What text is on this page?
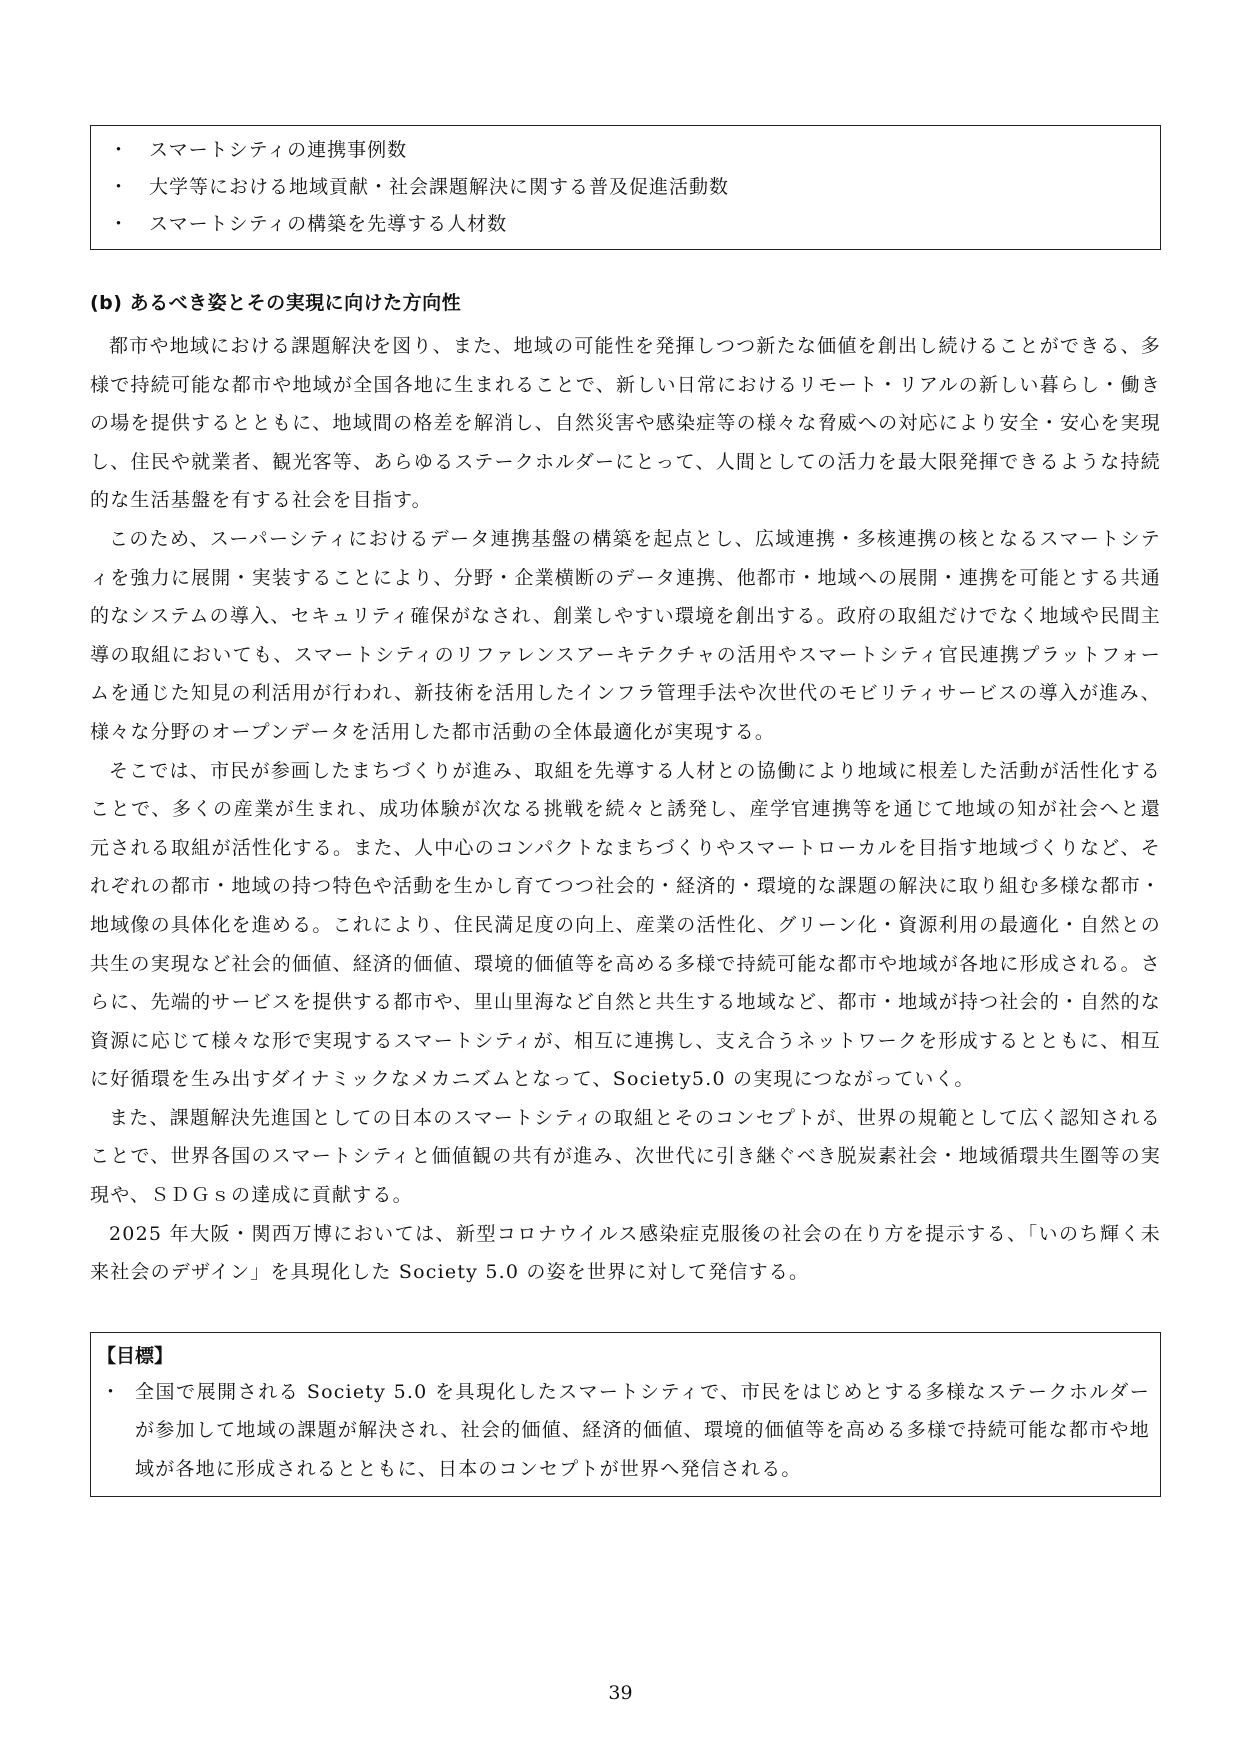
・	スマートシティの連携事例数
・	大学等における地域貢献・社会課題解決に関する普及促進活動数
・	スマートシティの構築を先導する人材数
(b) あるべき姿とその実現に向けた方向性

都市や地域における課題解決を図り、また、地域の可能性を発揮しつつ新たな価値を創出し続けることができる、多様で持続可能な都市や地域が全国各地に生まれることで、新しい日常におけるリモート・リアルの新しい暮らし・働きの場を提供するとともに、地域間の格差を解消し、自然災害や感染症等の様々な脅威への対応により安全・安心を実現し、住民や就業者、観光客等、あらゆるステークホルダーにとって、人間としての活力を最大限発揮できるような持続的な生活基盤を有する社会を目指す。

このため、スーパーシティにおけるデータ連携基盤の構築を起点とし、広域連携・多核連携の核となるスマートシティを強力に展開・実装することにより、分野・企業横断のデータ連携、他都市・地域への展開・連携を可能とする共通的なシステムの導入、セキュリティ確保がなされ、創業しやすい環境を創出する。政府の取組だけでなく地域や民間主導の取組においても、スマートシティのリファレンスアーキテクチャの活用やスマートシティ官民連携プラットフォームを通じた知見の利活用が行われ、新技術を活用したインフラ管理手法や次世代のモビリティサービスの導入が進み、様々な分野のオープンデータを活用した都市活動の全体最適化が実現する。

そこでは、市民が参画したまちづくりが進み、取組を先導する人材との協働により地域に根差した活動が活性化することで、多くの産業が生まれ、成功体験が次なる挑戦を続々と誘発し、産学官連携等を通じて地域の知が社会へと還元される取組が活性化する。また、人中心のコンパクトなまちづくりやスマートローカルを目指す地域づくりなど、それぞれの都市・地域の持つ特色や活動を生かし育てつつ社会的・経済的・環境的な課題の解決に取り組む多様な都市・地域像の具体化を進める。これにより、住民満足度の向上、産業の活性化、グリーン化・資源利用の最適化・自然との共生の実現など社会的価値、経済的価値、環境的価値等を高める多様で持続可能な都市や地域が各地に形成される。さらに、先端的サービスを提供する都市や、里山里海など自然と共生する地域など、都市・地域が持つ社会的・自然的な資源に応じて様々な形で実現するスマートシティが、相互に連携し、支え合うネットワークを形成するとともに、相互に好循環を生み出すダイナミックなメカニズムとなって、Society5.0 の実現につながっていく。

また、課題解決先進国としての日本のスマートシティの取組とそのコンセプトが、世界の規範として広く認知されることで、世界各国のスマートシティと価値観の共有が進み、次世代に引き継ぐべき脱炭素社会・地域循環共生圏等の実現や、ＳＤＧｓの達成に貢献する。

2025 年大阪・関西万博においては、新型コロナウイルス感染症克服後の社会の在り方を提示する、「いのち輝く未来社会のデザイン」を具現化した Society 5.0 の姿を世界に対して発信する。

【目標】
・ 全国で展開される Society 5.0 を具現化したスマートシティで、市民をはじめとする多様なステークホルダーが参加して地域の課題が解決され、社会的価値、経済的価値、環境的価値等を高める多様で持続可能な都市や地域が各地に形成されるとともに、日本のコンセプトが世界へ発信される。
39
